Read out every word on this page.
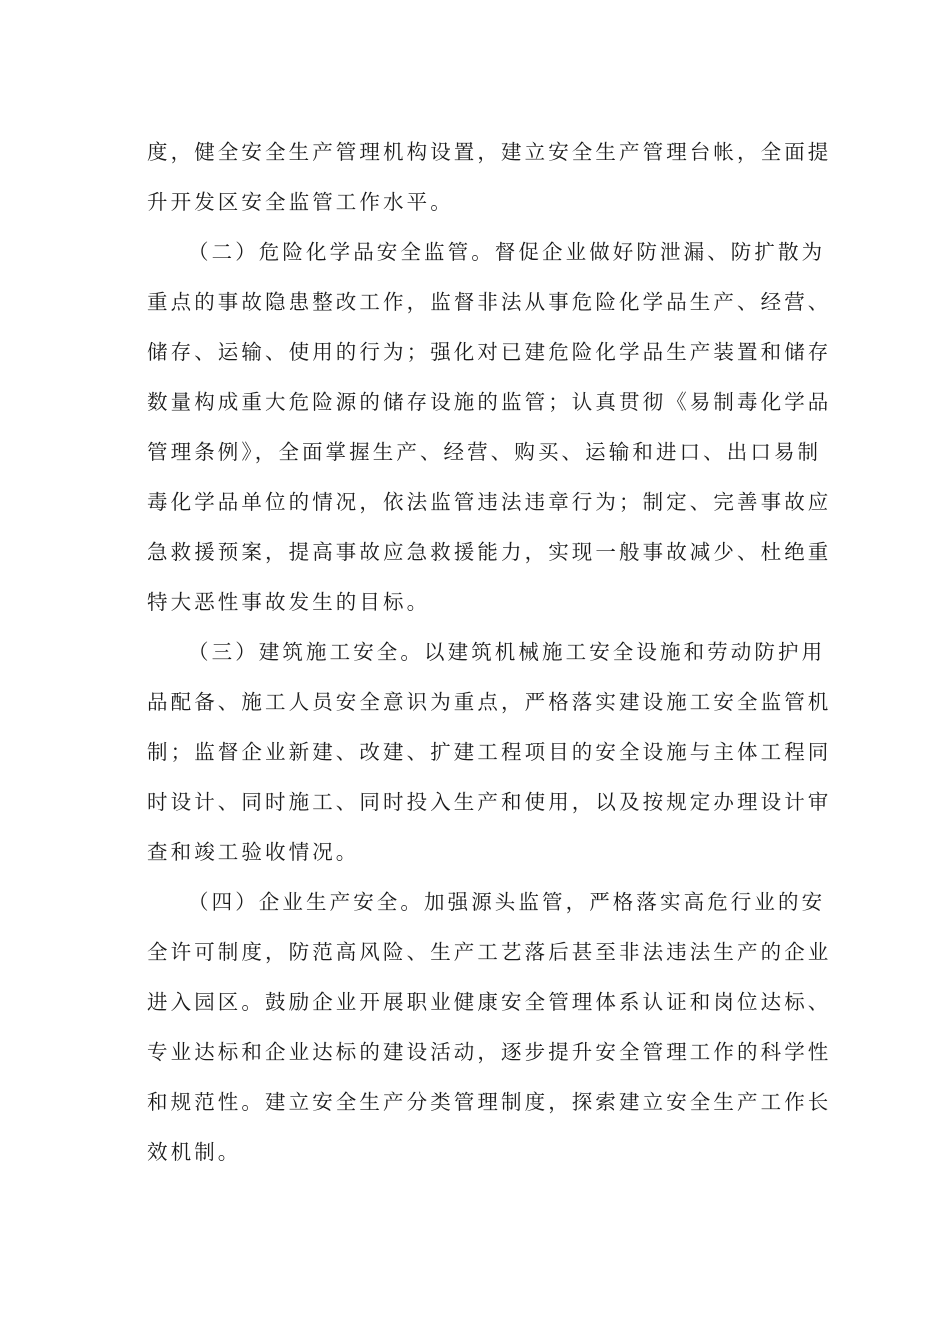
度，健全安全生产管理机构设置，建立安全生产管理台帐，全面提
升开发区安全监管工作水平。
（二）危险化学品安全监管。督促企业做好防泄漏、防扩散为
重点的事故隐患整改工作，监督非法从事危险化学品生产、经营、
储存、运输、使用的行为；强化对已建危险化学品生产装置和储存
数量构成重大危险源的储存设施的监管；认真贯彻《易制毒化学品
管理条例》，全面掌握生产、经营、购买、运输和进口、出口易制
毒化学品单位的情况，依法监管违法违章行为；制定、完善事故应
急救援预案，提高事故应急救援能力，实现一般事故减少、杜绝重
特大恶性事故发生的目标。
（三）建筑施工安全。以建筑机械施工安全设施和劳动防护用
品配备、施工人员安全意识为重点，严格落实建设施工安全监管机
制；监督企业新建、改建、扩建工程项目的安全设施与主体工程同
时设计、同时施工、同时投入生产和使用，以及按规定办理设计审
查和竣工验收情况。
（四）企业生产安全。加强源头监管，严格落实高危行业的安
全许可制度，防范高风险、生产工艺落后甚至非法违法生产的企业
进入园区。鼓励企业开展职业健康安全管理体系认证和岗位达标、
专业达标和企业达标的建设活动，逐步提升安全管理工作的科学性
和规范性。建立安全生产分类管理制度，探索建立安全生产工作长
效机制。
